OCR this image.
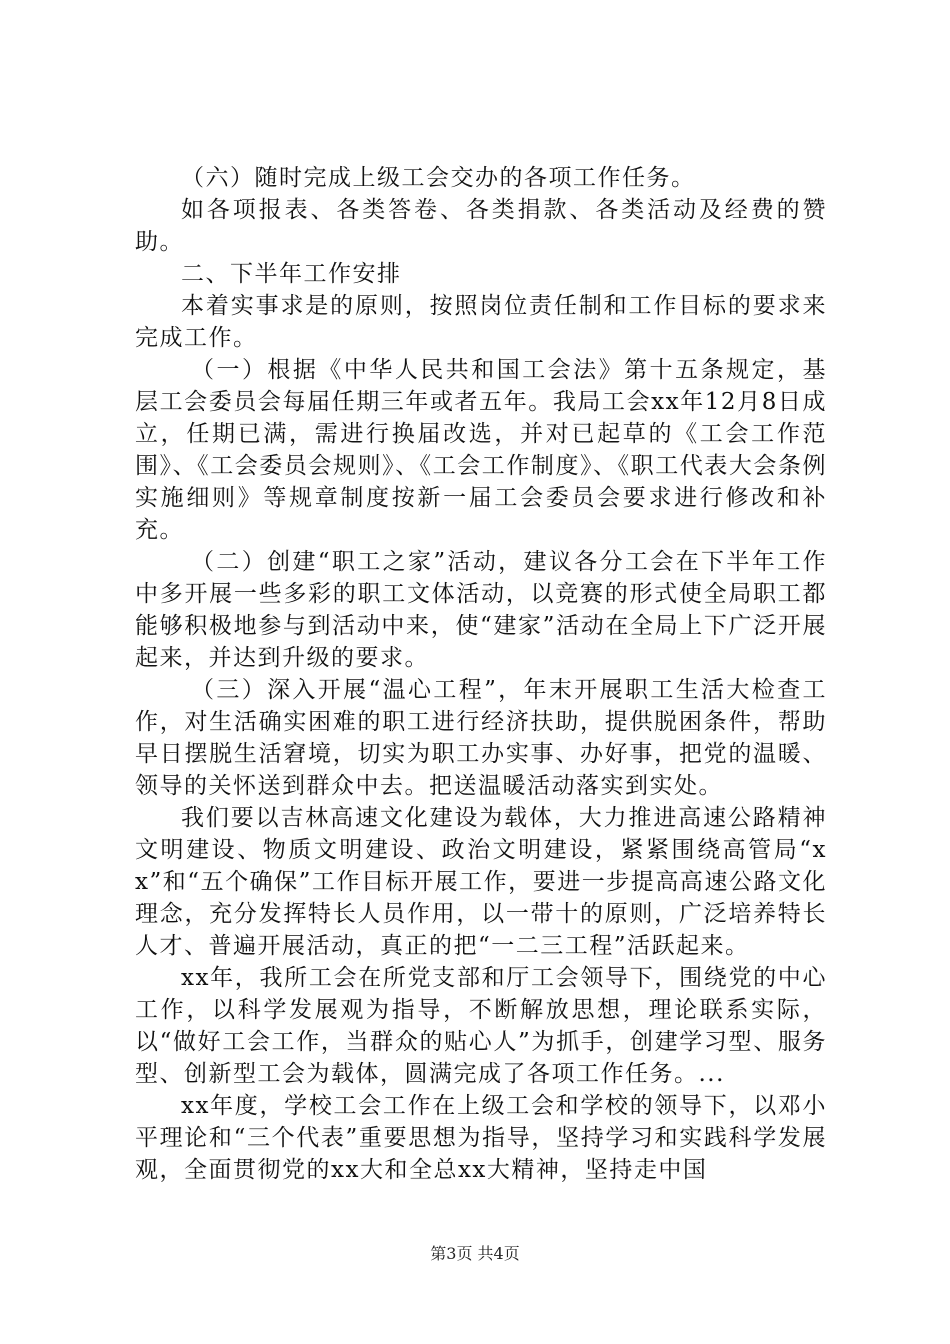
（六）随时完成上级工会交办的各项工作任务。

如各项报表、各类答卷、各类捐款、各类活动及经费的赞助。

二、下半年工作安排

本着实事求是的原则，按照岗位责任制和工作目标的要求来完成工作。

（一）根据《中华人民共和国工会法》第十五条规定，基层工会委员会每届任期三年或者五年。我局工会xx年12月8日成立，任期已满，需进行换届改选，并对已起草的《工会工作范围》、《工会委员会规则》、《工会工作制度》、《职工代表大会条例实施细则》等规章制度按新一届工会委员会要求进行修改和补充。

（二）创建“职工之家”活动，建议各分工会在下半年工作中多开展一些多彩的职工文体活动，以竞赛的形式使全局职工都能够积极地参与到活动中来，使“建家”活动在全局上下广泛开展起来，并达到升级的要求。

（三）深入开展“温心工程”，年末开展职工生活大检查工作，对生活确实困难的职工进行经济扶助，提供脱困条件，帮助早日摆脱生活窘境，切实为职工办实事、办好事，把党的温暖、领导的关怀送到群众中去。把送温暖活动落实到实处。

我们要以吉林高速文化建设为载体，大力推进高速公路精神文明建设、物质文明建设、政治文明建设，紧紧围绕高管局“xx”和“五个确保”工作目标开展工作，要进一步提高高速公路文化理念，充分发挥特长人员作用，以一带十的原则，广泛培养特长人才、普遍开展活动，真正的把“一二三工程”活跃起来。

xx年，我所工会在所党支部和厅工会领导下，围绕党的中心工作，以科学发展观为指导，不断解放思想，理论联系实际，以“做好工会工作，当群众的贴心人”为抓手，创建学习型、服务型、创新型工会为载体，圆满完成了各项工作任务。...

xx年度，学校工会工作在上级工会和学校的领导下，以邓小平理论和“三个代表”重要思想为指导，坚持学习和实践科学发展观，全面贯彻党的xx大和全总xx大精神，坚持走中国

第3页 共4页
